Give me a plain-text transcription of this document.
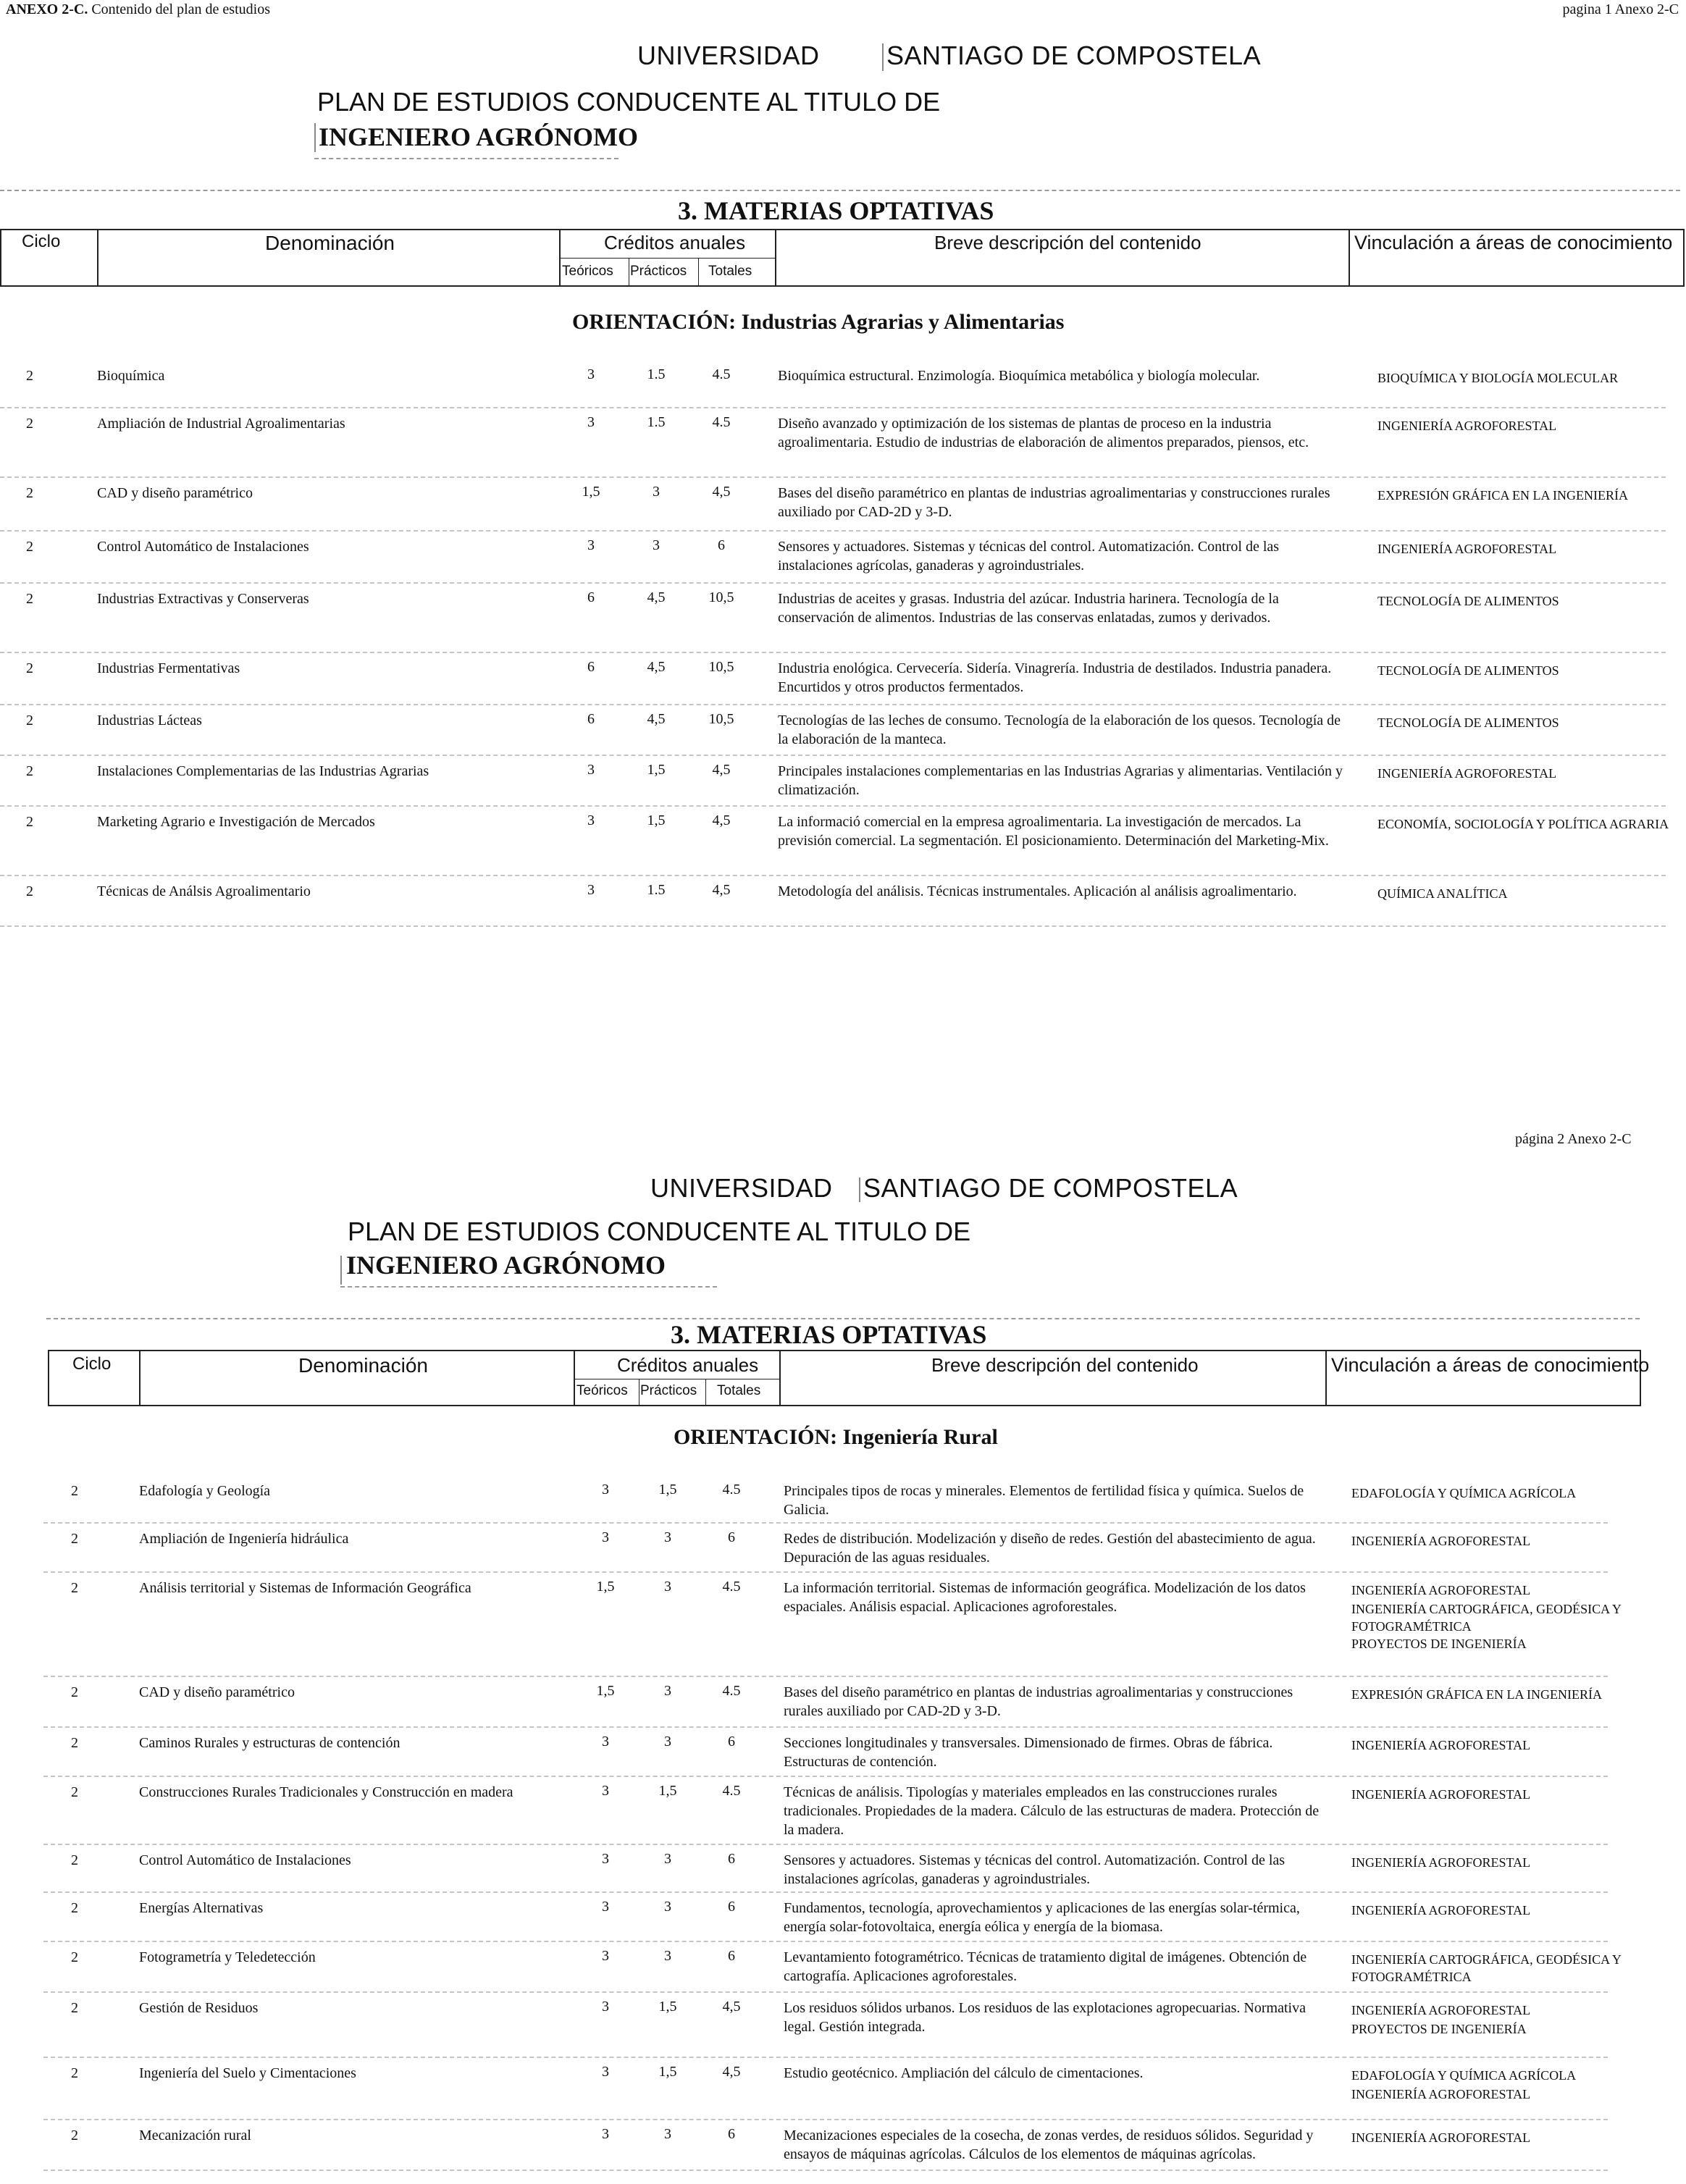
ANEXO 2-C. Contenido del plan de estudios	pagina 1 Anexo 2-C
UNIVERSIDAD	SANTIAGO DE COMPOSTELA
PLAN DE ESTUDIOS CONDUCENTE AL TITULO DE
INGENIERO AGRÓNOMO
3. MATERIAS OPTATIVAS
Ciclo	Denominación	Créditos anuales
Teóricos Prácticos Totales
Breve descripción del contenido	Vinculación a áreas de conocimiento
ORIENTACIÓN: Industrias Agrarias y Alimentarias
2	Bioquímica	3	1.5	4.5	Bioquímica estructural. Enzimología. Bioquímica metabólica y biología molecular.	BIOQUÍMICA Y BIOLOGÍA MOLECULAR
2	Ampliación de Industrial Agroalimentarias	3	1.5	4.5	Diseño avanzado y optimización de los sistemas de plantas de proceso en la industria agroalimentaria. Estudio de industrias de elaboración de alimentos preparados, piensos, etc.
INGENIERÍA AGROFORESTAL
2	CAD y diseño paramétrico	1,5	3	4,5	Bases del diseño paramétrico en plantas de industrias agroalimentarias y construcciones rurales auxiliado por CAD-2D y 3-D.
EXPRESIÓN GRÁFICA EN LA INGENIERÍA
2	Control Automático de Instalaciones	3	3	6	Sensores y actuadores. Sistemas y técnicas del control. Automatización. Control de las instalaciones agrícolas, ganaderas y agroindustriales.
INGENIERÍA AGROFORESTAL
2	Industrias Extractivas y Conserveras	6	4,5	10,5	Industrias de aceites y grasas. Industria del azúcar. Industria harinera. Tecnología de la conservación de alimentos. Industrias de las conservas enlatadas, zumos y derivados.
TECNOLOGÍA DE ALIMENTOS
2	Industrias Fermentativas	6	4,5	10,5	Industria enológica. Cervecería. Sidería. Vinagrería. Industria de destilados. Industria panadera. Encurtidos y otros productos fermentados.
TECNOLOGÍA DE ALIMENTOS
2	Industrias Lácteas	6	4,5	10,5	Tecnologías de las leches de consumo. Tecnología de la elaboración de los quesos. Tecnología de la elaboración de la manteca.
TECNOLOGÍA DE ALIMENTOS
2	Instalaciones Complementarias de las Industrias Agrarias	3	1,5	4,5	Principales instalaciones complementarias en las Industrias Agrarias y alimentarias. Ventilación y climatización.
INGENIERÍA AGROFORESTAL
2	Marketing Agrario e Investigación de Mercados	3	1,5	4,5	La informació comercial en la empresa agroalimentaria. La investigación de mercados. La previsión comercial. La segmentación. El posicionamiento. Determinación del Marketing-Mix.
ECONOMÍA, SOCIOLOGÍA Y POLÍTICA AGRARIA
2	Técnicas de Análsis Agroalimentario	3	1.5	4,5	Metodología del análisis. Técnicas instrumentales. Aplicación al análisis agroalimentario.	QUÍMICA ANALÍTICA
página 2 Anexo 2-C
UNIVERSIDAD SANTIAGO DE COMPOSTELA
PLAN DE ESTUDIOS CONDUCENTE AL TITULO DE
INGENIERO AGRÓNOMO
3. MATERIAS OPTATIVAS
Ciclo	Denominación	Créditos anuales
Teóricos Prácticos Totales
Breve descripción del contenido	Vinculación a áreas de conocimiento
ORIENTACIÓN: Ingeniería Rural
2	Edafología y Geología	3	1,5	4.5	Principales tipos de rocas y minerales. Elementos de fertilidad física y química. Suelos de Galicia.
EDAFOLOGÍA Y QUÍMICA AGRÍCOLA
2	Ampliación de Ingeniería hidráulica	3	3	6	Redes de distribución. Modelización y diseño de redes. Gestión del abastecimiento de agua. Depuración de las aguas residuales.
INGENIERÍA AGROFORESTAL
2	Análisis territorial y Sistemas de Información Geográfica	1,5	3	4.5	La información territorial. Sistemas de información geográfica. Modelización de los datos espaciales. Análisis espacial. Aplicaciones agroforestales.
INGENIERÍA AGROFORESTAL
INGENIERÍA CARTOGRÁFICA, GEODÉSICA Y FOTOGRAMÉTRICA
PROYECTOS DE INGENIERÍA
2	CAD y diseño paramétrico	1,5	3	4.5	Bases del diseño paramétrico en plantas de industrias agroalimentarias y construcciones rurales auxiliado por CAD-2D y 3-D.
EXPRESIÓN GRÁFICA EN LA INGENIERÍA
2	Caminos Rurales y estructuras de contención	3	3	6	Secciones longitudinales y transversales. Dimensionado de firmes. Obras de fábrica. Estructuras de contención.
INGENIERÍA AGROFORESTAL
2	Construcciones Rurales Tradicionales y Construcción en madera	3	1,5	4.5	Técnicas de análisis. Tipologías y materiales empleados en las construcciones rurales tradicionales. Propiedades de la madera. Cálculo de las estructuras de madera. Protección de la madera.
INGENIERÍA AGROFORESTAL
2	Control Automático de Instalaciones	3	3	6	Sensores y actuadores. Sistemas y técnicas del control. Automatización. Control de las instalaciones agrícolas, ganaderas y agroindustriales.
INGENIERÍA AGROFORESTAL
2	Energías Alternativas	3	3	6	Fundamentos, tecnología, aprovechamientos y aplicaciones de las energías solar-térmica, energía solar-fotovoltaica, energía eólica y energía de la biomasa.
INGENIERÍA AGROFORESTAL
2	Fotogrametría y Teledetección	3	3	6	Levantamiento fotogramétrico. Técnicas de tratamiento digital de imágenes. Obtención de cartografía. Aplicaciones agroforestales.
INGENIERÍA CARTOGRÁFICA, GEODÉSICA Y FOTOGRAMÉTRICA
2	Gestión de Residuos	3	1,5	4,5	Los residuos sólidos urbanos. Los residuos de las explotaciones agropecuarias. Normativa legal. Gestión integrada.
INGENIERÍA AGROFORESTAL
PROYECTOS DE INGENIERÍA
2	Ingeniería del Suelo y Cimentaciones	3	1,5	4,5	Estudio geotécnico. Ampliación del cálculo de cimentaciones.	EDAFOLOGÍA Y QUÍMICA AGRÍCOLA
INGENIERÍA AGROFORESTAL
2	Mecanización rural	3	3	6	Mecanizaciones especiales de la cosecha, de zonas verdes, de residuos sólidos. Seguridad y ensayos de máquinas agrícolas. Cálculos de los elementos de máquinas agrícolas.
INGENIERÍA AGROFORESTAL
